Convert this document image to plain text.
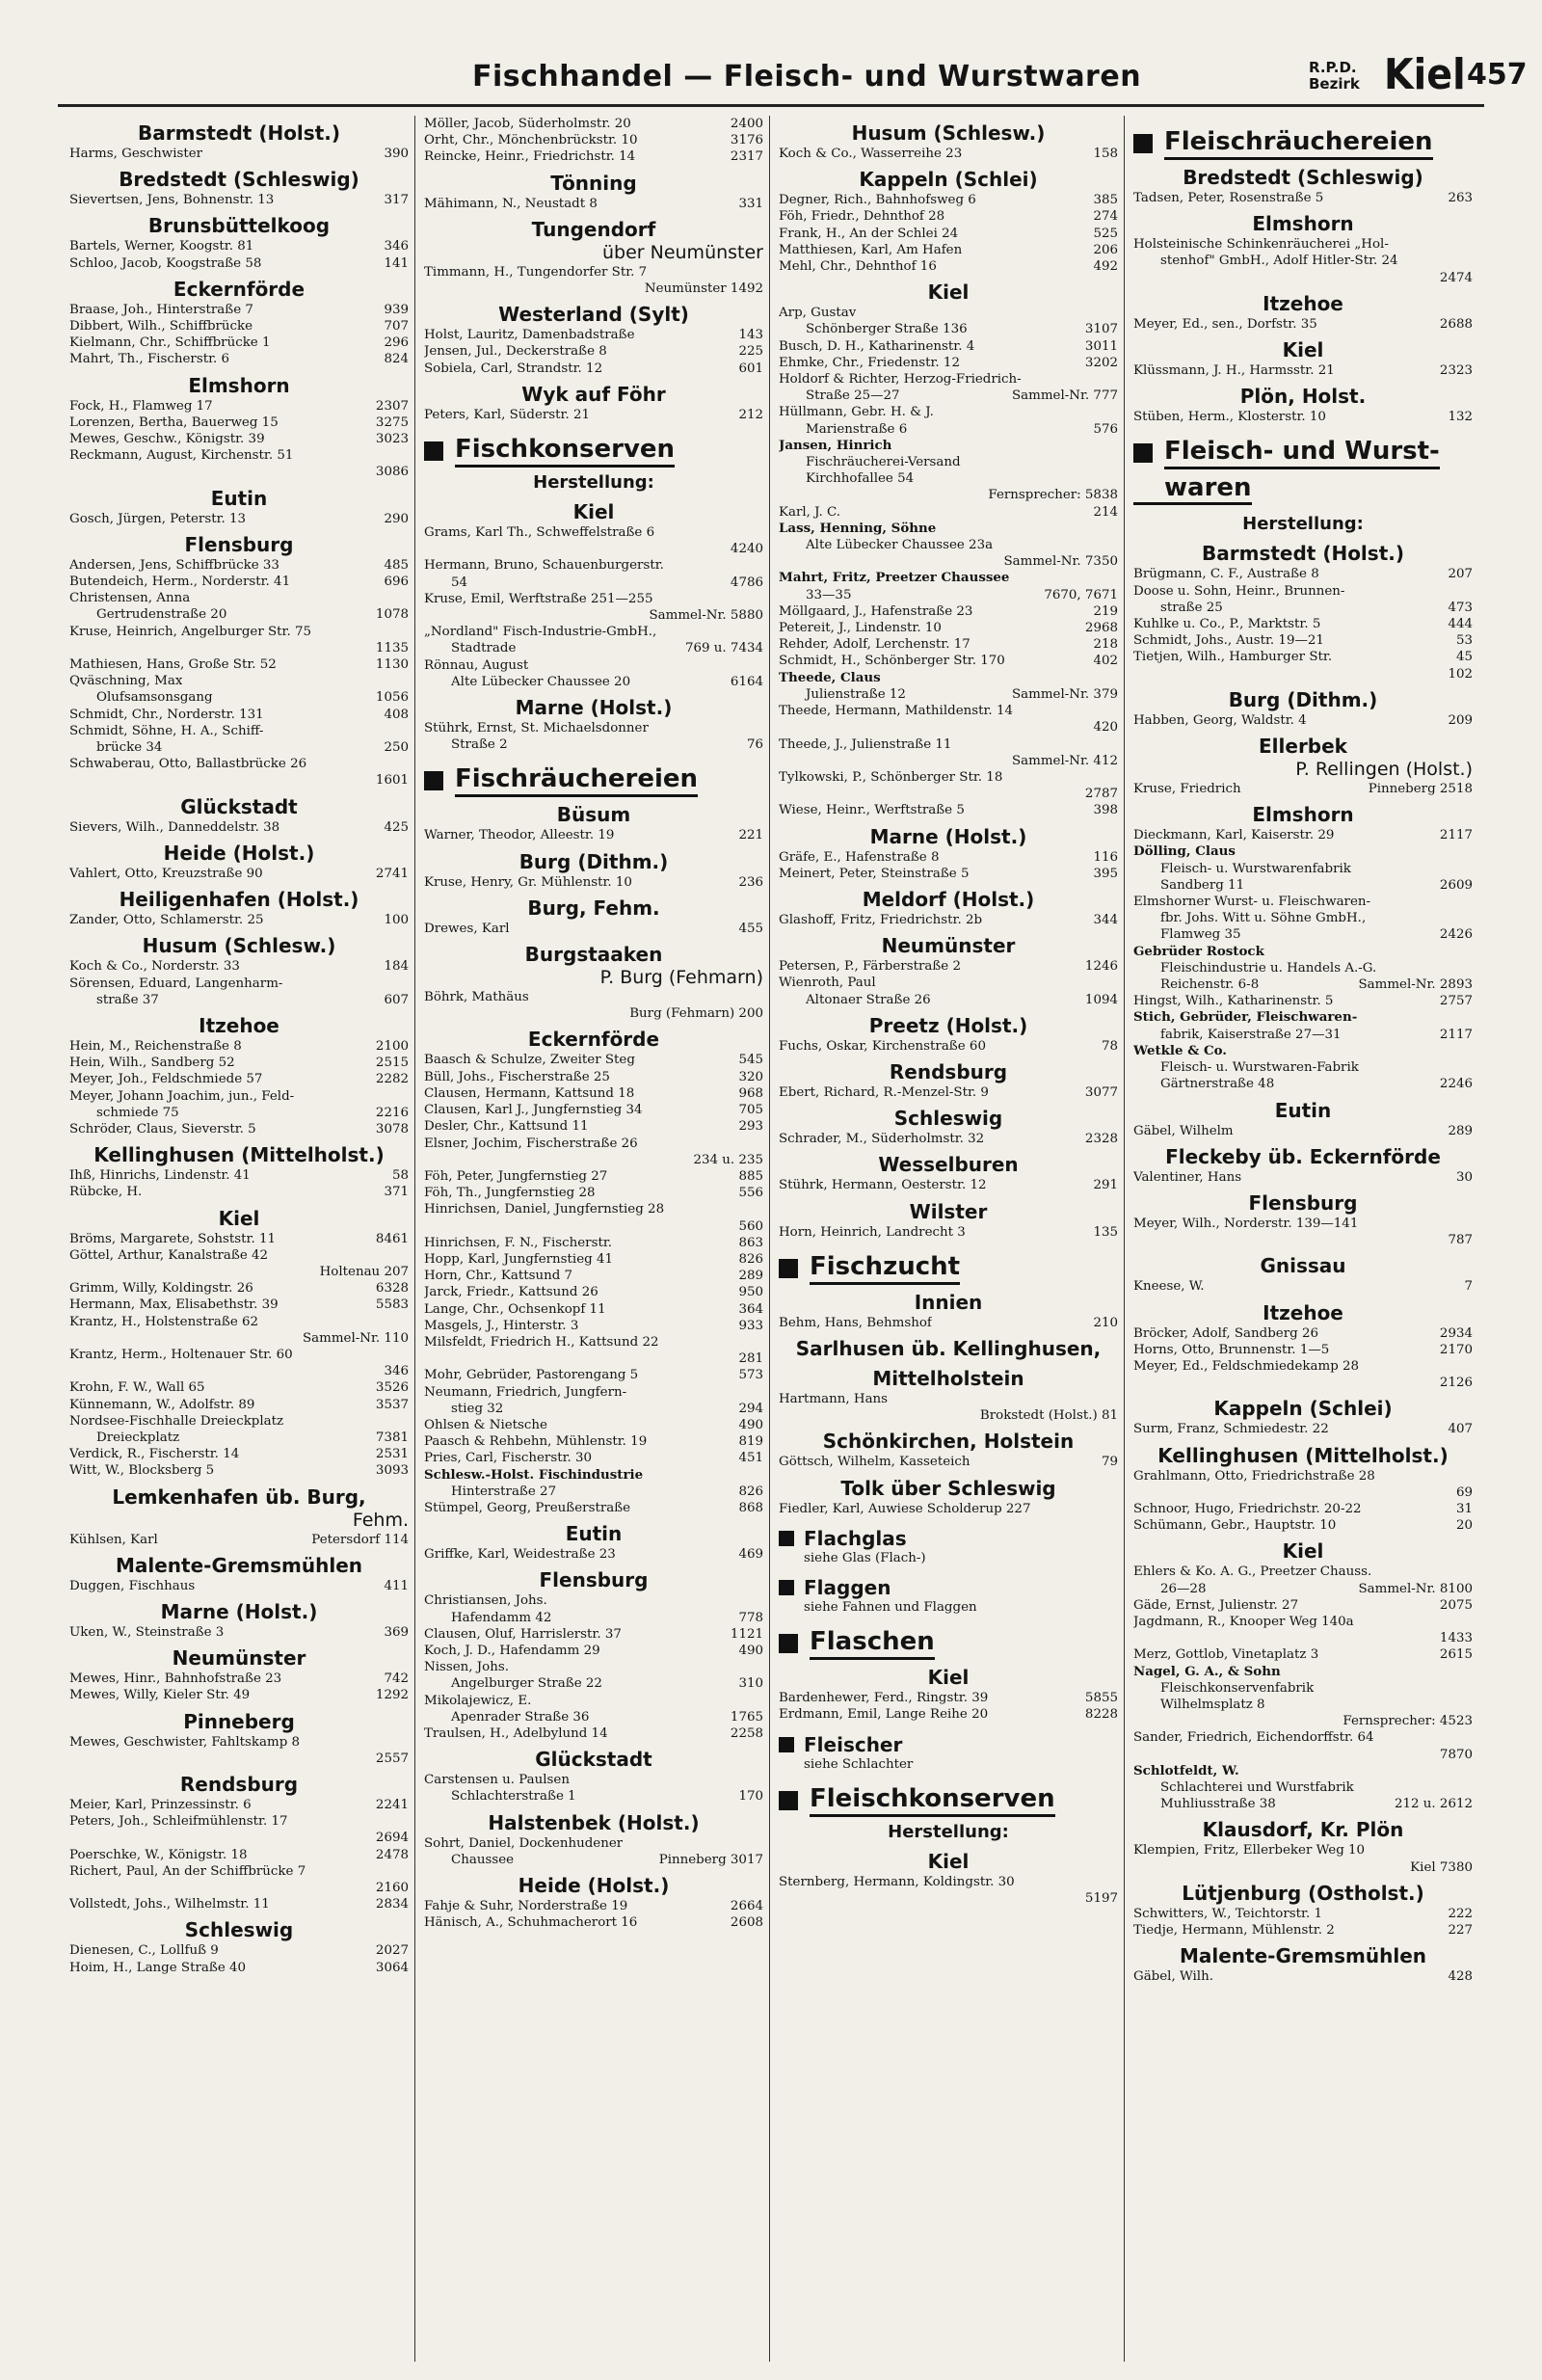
Fischhandel — Fleisch- und Wurstwaren	R.P.D.
Bezirk Kiel 457
Barmstedt (Holst.)
Harms, Geschwister	390
Bredstedt (Schleswig)
Sievertsen, Jens, Bohnenstr. 13	317
Brunsbüttelkoog
Bartels, Werner, Koogstr. 81	346
Schloo, Jacob, Koogstraße 58	141
Eckernförde
Braase, Joh., Hinterstraße 7	939
Dibbert, Wilh., Schiffbrücke	707
Kielmann, Chr., Schiffbrücke 1	296
Mahrt, Th., Fischerstr. 6	824
Elmshorn
Fock, H., Flamweg 17	2307
Lorenzen, Bertha, Bauerweg 15	3275
Mewes, Geschw., Königstr. 39	3023
Reckmann, August, Kirchenstr. 51
3086
Eutin
Gosch, Jürgen, Peterstr. 13	290
Flensburg
Andersen, Jens, Schiffbrücke 33	485
Butendeich, Herm., Norderstr. 41	696
Christensen, Anna
Gertrudenstraße 20	1078
Kruse, Heinrich, Angelburger Str. 75
1135
Mathiesen, Hans, Große Str. 52	1130
Qväschning, Max
Olufsamsonsgang	1056
Schmidt, Chr., Norderstr. 131	408
Schmidt, Söhne, H. A., Schiff-
brücke 34	250
Schwaberau, Otto, Ballastbrücke 26
1601
Glückstadt
Sievers, Wilh., Danneddelstr. 38	425
Heide (Holst.)
Vahlert, Otto, Kreuzstraße 90	2741
Heiligenhafen (Holst.)
Zander, Otto, Schlamerstr. 25	100
Husum (Schlesw.)
Koch & Co., Norderstr. 33	184
Sörensen, Eduard, Langenharm-
straße 37	607
Itzehoe
Hein, M., Reichenstraße 8	2100
Hein, Wilh., Sandberg 52	2515
Meyer, Joh., Feldschmiede 57	2282
Meyer, Johann Joachim, jun., Feld-
schmiede 75	2216
Schröder, Claus, Sieverstr. 5	3078
Kellinghusen (Mittelholst.)
Ihß, Hinrichs, Lindenstr. 41	58
Rübcke, H.	371
Kiel
Bröms, Margarete, Sohststr. 11	8461
Göttel, Arthur, Kanalstraße 42
Holtenau 207
Grimm, Willy, Koldingstr. 26	6328
Hermann, Max, Elisabethstr. 39	5583
Krantz, H., Holstenstraße 62
Sammel-Nr. 110
Krantz, Herm., Holtenauer Str. 60
346
Krohn, F. W., Wall 65	3526
Künnemann, W., Adolfstr. 89	3537
Nordsee-Fischhalle Dreieckplatz
Dreieckplatz	7381
Verdick, R., Fischerstr. 14	2531
Witt, W., Blocksberg 5	3093
Lemkenhafen üb. Burg,
Fehm.
Kühlsen, Karl	Petersdorf 114
Malente-Gremsmühlen
Duggen, Fischhaus	411
Marne (Holst.)
Uken, W., Steinstraße 3	369
Neumünster
Mewes, Hinr., Bahnhofstraße 23	742
Mewes, Willy, Kieler Str. 49	1292
Pinneberg
Mewes, Geschwister, Fahltskamp 8
2557
Rendsburg
Meier, Karl, Prinzessinstr. 6	2241
Peters, Joh., Schleifmühlenstr. 17
2694
Poerschke, W., Königstr. 18	2478
Richert, Paul, An der Schiffbrücke 7
2160
Vollstedt, Johs., Wilhelmstr. 11	2834
Schleswig
Dienesen, C., Lollfuß 9	2027
Hoim, H., Lange Straße 40	3064
Möller, Jacob, Süderholmstr. 20	2400
Orht, Chr., Mönchenbrückstr. 10	3176
Reincke, Heinr., Friedrichstr. 14	2317
Tönning
Mähimann, N., Neustadt 8	331
Tungendorf
über Neumünster
Timmann, H., Tungendorfer Str. 7
Neumünster 1492
Westerland (Sylt)
Holst, Lauritz, Damenbadstraße	143
Jensen, Jul., Deckerstraße 8	225
Sobiela, Carl, Strandstr. 12	601
Wyk auf Föhr
Peters, Karl, Süderstr. 21	212
Fischkonserven
Herstellung:
Kiel
Grams, Karl Th., Schweffelstraße 6
4240
Hermann, Bruno, Schauenburgerstr.
54	4786
Kruse, Emil, Werftstraße 251—255
Sammel-Nr. 5880
„Nordland" Fisch-Industrie-GmbH.,
Stadtrade	769 u. 7434
Rönnau, August
Alte Lübecker Chaussee 20	6164
Marne (Holst.)
Stührk, Ernst, St. Michaelsdonner
Straße 2	76
Fischräuchereien
Büsum
Warner, Theodor, Alleestr. 19	221
Burg (Dithm.)
Kruse, Henry, Gr. Mühlenstr. 10	236
Burg, Fehm.
Drewes, Karl	455
Burgstaaken
P. Burg (Fehmarn)
Böhrk, Mathäus
Burg (Fehmarn) 200
Eckernförde
Baasch & Schulze, Zweiter Steg	545
Büll, Johs., Fischerstraße 25	320
Clausen, Hermann, Kattsund 18	968
Clausen, Karl J., Jungfernstieg 34	705
Desler, Chr., Kattsund 11	293
Elsner, Jochim, Fischerstraße 26
234 u. 235
Föh, Peter, Jungfernstieg 27	885
Föh, Th., Jungfernstieg 28	556
Hinrichsen, Daniel, Jungfernstieg 28
560
Hinrichsen, F. N., Fischerstr.	863
Hopp, Karl, Jungfernstieg 41	826
Horn, Chr., Kattsund 7	289
Jarck, Friedr., Kattsund 26	950
Lange, Chr., Ochsenkopf 11	364
Masgels, J., Hinterstr. 3	933
Milsfeldt, Friedrich H., Kattsund 22
281
Mohr, Gebrüder, Pastorengang 5	573
Neumann, Friedrich, Jungfern-
stieg 32	294
Ohlsen & Nietsche	490
Paasch & Rehbehn, Mühlenstr. 19	819
Pries, Carl, Fischerstr. 30	451
Schlesw.-Holst. Fischindustrie
Hinterstraße 27	826
Stümpel, Georg, Preußerstraße	868
Eutin
Griffke, Karl, Weidestraße 23	469
Flensburg
Christiansen, Johs.
Hafendamm 42	778
Clausen, Oluf, Harrislerstr. 37	1121
Koch, J. D., Hafendamm 29	490
Nissen, Johs.
Angelburger Straße 22	310
Mikolajewicz, E.
Apenrader Straße 36	1765
Traulsen, H., Adelbylund 14	2258
Glückstadt
Carstensen u. Paulsen
Schlachterstraße 1	170
Halstenbek (Holst.)
Sohrt, Daniel, Dockenhudener
Chaussee	Pinneberg 3017
Heide (Holst.)
Fahje & Suhr, Norderstraße 19	2664
Hänisch, A., Schuhmacherort 16	2608
Husum (Schlesw.)
Koch & Co., Wasserreihe 23	158
Kappeln (Schlei)
Degner, Rich., Bahnhofsweg 6	385
Föh, Friedr., Dehnthof 28	274
Frank, H., An der Schlei 24	525
Matthiesen, Karl, Am Hafen	206
Mehl, Chr., Dehnthof 16	492
Kiel
Arp, Gustav
Schönberger Straße 136	3107
Busch, D. H., Katharinenstr. 4	3011
Ehmke, Chr., Friedenstr. 12	3202
Holdorf & Richter, Herzog-Friedrich-
Straße 25—27	Sammel-Nr. 777
Hüllmann, Gebr. H. & J.
Marienstraße 6	576
Jansen, Hinrich
Fischräucherei-Versand
Kirchhofallee 54
Fernsprecher: 5838
Karl, J. C.	214
Lass, Henning, Söhne
Alte Lübecker Chaussee 23a
Sammel-Nr. 7350
Mahrt, Fritz, Preetzer Chaussee
33—35	7670, 7671
Möllgaard, J., Hafenstraße 23	219
Petereit, J., Lindenstr. 10	2968
Rehder, Adolf, Lerchenstr. 17	218
Schmidt, H., Schönberger Str. 170	402
Theede, Claus
Julienstraße 12	Sammel-Nr. 379
Theede, Hermann, Mathildenstr. 14
420
Theede, J., Julienstraße 11
Sammel-Nr. 412
Tylkowski, P., Schönberger Str. 18
2787
Wiese, Heinr., Werftstraße 5	398
Marne (Holst.)
Gräfe, E., Hafenstraße 8	116
Meinert, Peter, Steinstraße 5	395
Meldorf (Holst.)
Glashoff, Fritz, Friedrichstr. 2b	344
Neumünster
Petersen, P., Färberstraße 2	1246
Wienroth, Paul
Altonaer Straße 26	1094
Preetz (Holst.)
Fuchs, Oskar, Kirchenstraße 60	78
Rendsburg
Ebert, Richard, R.-Menzel-Str. 9	3077
Schleswig
Schrader, M., Süderholmstr. 32	2328
Wesselburen
Stührk, Hermann, Oesterstr. 12	291
Wilster
Horn, Heinrich, Landrecht 3	135
Fischzucht
Innien
Behm, Hans, Behmshof	210
Sarlhusen üb. Kellinghusen,
Mittelholstein
Hartmann, Hans
Brokstedt (Holst.) 81
Schönkirchen, Holstein
Göttsch, Wilhelm, Kasseteich	79
Tolk über Schleswig
Fiedler, Karl, Auwiese Scholderup 227
Flachglas
siehe Glas (Flach-)
Flaggen
siehe Fahnen und Flaggen
Flaschen
Kiel
Bardenhewer, Ferd., Ringstr. 39	5855
Erdmann, Emil, Lange Reihe 20	8228
Fleischer
siehe Schlachter
Fleischkonserven
Herstellung:
Kiel
Sternberg, Hermann, Koldingstr. 30
5197
Fleischräuchereien
Bredstedt (Schleswig)
Tadsen, Peter, Rosenstraße 5	263
Elmshorn
Holsteinische Schinkenräucherei „Hol-
stenhof" GmbH., Adolf Hitler-Str. 24
2474
Itzehoe
Meyer, Ed., sen., Dorfstr. 35	2688
Kiel
Klüssmann, J. H., Harmsstr. 21	2323
Plön, Holst.
Stüben, Herm., Klosterstr. 10	132
Fleisch- und Wurst-
waren
Herstellung:
Barmstedt (Holst.)
Brügmann, C. F., Austraße 8	207
Doose u. Sohn, Heinr., Brunnen-
straße 25	473
Kuhlke u. Co., P., Marktstr. 5	444
Schmidt, Johs., Austr. 19—21	53
Tietjen, Wilh., Hamburger Str.	45
102
Burg (Dithm.)
Habben, Georg, Waldstr. 4	209
Ellerbek
P. Rellingen (Holst.)
Kruse, Friedrich	Pinneberg 2518
Elmshorn
Dieckmann, Karl, Kaiserstr. 29	2117
Dölling, Claus
Fleisch- u. Wurstwarenfabrik
Sandberg 11	2609
Elmshorner Wurst- u. Fleischwaren-
fbr. Johs. Witt u. Söhne GmbH.,
Flamweg 35	2426
Gebrüder Rostock
Fleischindustrie u. Handels A.-G.
Reichenstr. 6-8	Sammel-Nr. 2893
Hingst, Wilh., Katharinenstr. 5	2757
Stich, Gebrüder, Fleischwaren-
fabrik, Kaiserstraße 27—31	2117
Wetkle & Co.
Fleisch- u. Wurstwaren-Fabrik
Gärtnerstraße 48	2246
Eutin
Gäbel, Wilhelm	289
Fleckeby üb. Eckernförde
Valentiner, Hans	30
Flensburg
Meyer, Wilh., Norderstr. 139—141
787
Gnissau
Kneese, W.	7
Itzehoe
Bröcker, Adolf, Sandberg 26	2934
Horns, Otto, Brunnenstr. 1—5	2170
Meyer, Ed., Feldschmiedekamp 28
2126
Kappeln (Schlei)
Surm, Franz, Schmiedestr. 22	407
Kellinghusen (Mittelholst.)
Grahlmann, Otto, Friedrichstraße 28
69
Schnoor, Hugo, Friedrichstr. 20-22	31
Schümann, Gebr., Hauptstr. 10	20
Kiel
Ehlers & Ko. A. G., Preetzer Chauss.
26—28	Sammel-Nr. 8100
Gäde, Ernst, Julienstr. 27	2075
Jagdmann, R., Knooper Weg 140a
1433
Merz, Gottlob, Vinetaplatz 3	2615
Nagel, G. A., & Sohn
Fleischkonservenfabrik
Wilhelmsplatz 8
Fernsprecher: 4523
Sander, Friedrich, Eichendorffstr. 64
7870
Schlotfeldt, W.
Schlachterei und Wurstfabrik
Muhliusstraße 38	212 u. 2612
Klausdorf, Kr. Plön
Klempien, Fritz, Ellerbeker Weg 10
Kiel 7380
Lütjenburg (Ostholst.)
Schwitters, W., Teichtorstr. 1	222
Tiedje, Hermann, Mühlenstr. 2	227
Malente-Gremsmühlen
Gäbel, Wilh.	428
